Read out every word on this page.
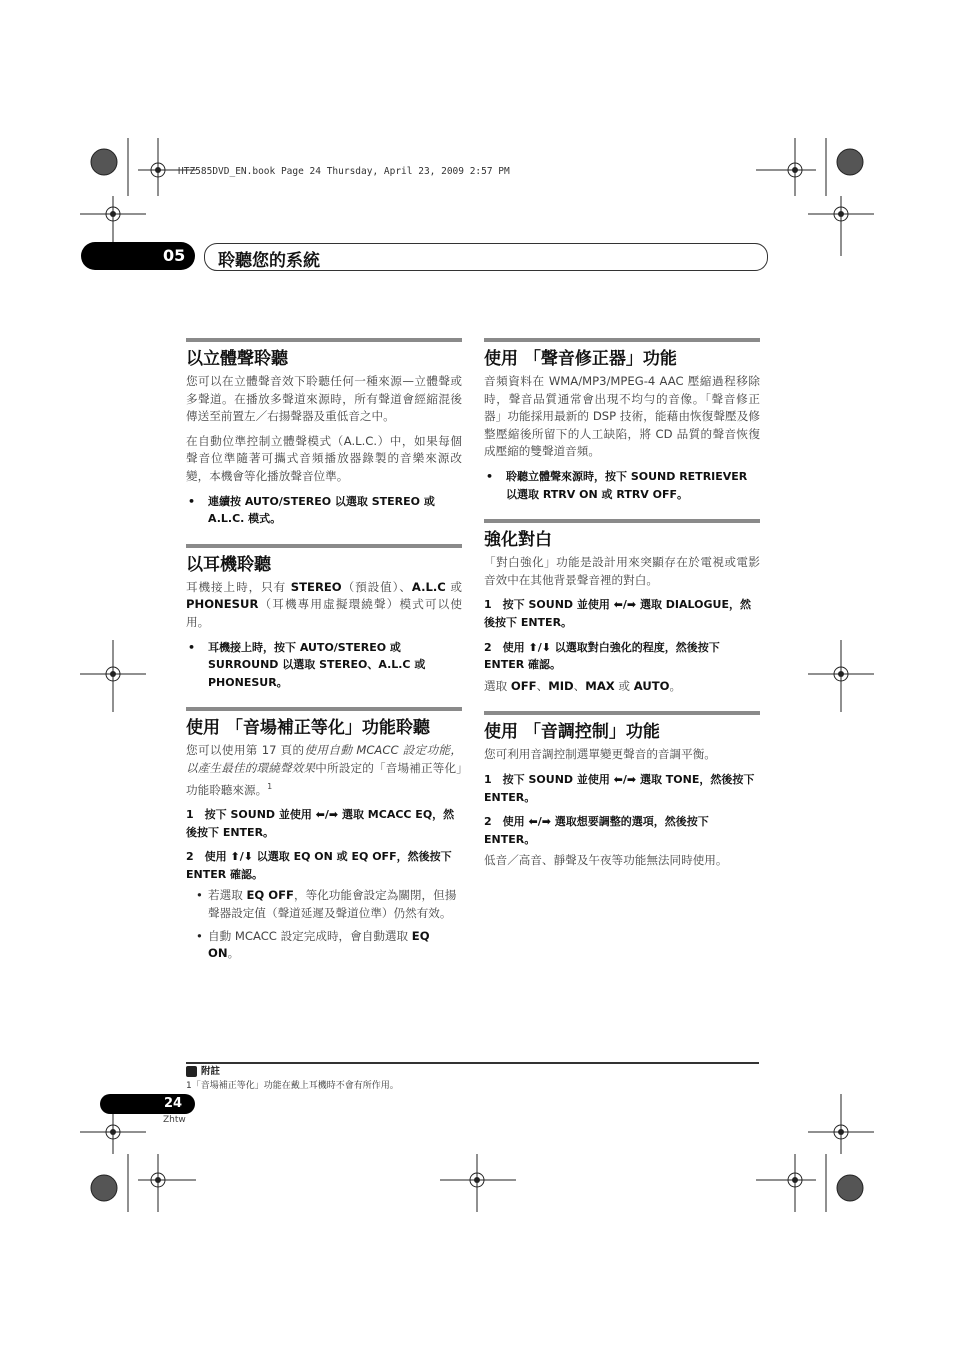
HTZ585DVD_EN.book Page 24 Thursday, April 23, 2009 2:57 PM
05	聆聽您的系統
以立體聲聆聽

您可以在立體聲音效下聆聽任何一種來源—立體聲或多聲道。在播放多聲道來源時，所有聲道會經縮混後傳送至前置左／右揚聲器及重低音之中。

在自動位準控制立體聲模式（A.L.C.）中，如果每個聲音位準隨著可攜式音頻播放器錄製的音樂來源改變，本機會等化播放聲音位準。

• 連續按 AUTO/STEREO 以選取 STEREO 或 A.L.C. 模式。
以耳機聆聽

耳機接上時，只有 STEREO（預設值）、A.L.C 或 PHONESUR（耳機專用虛擬環繞聲）模式可以使用。

• 耳機接上時，按下 AUTO/STEREO 或 SURROUND 以選取 STEREO、A.L.C 或 PHONESUR。
使用 「音場補正等化」功能聆聽

您可以使用第 17 頁的使用自動 MCACC 設定功能，以產生最佳的環繞聲效果中所設定的「音場補正等化」功能聆聽來源。$^1$

1　按下 SOUND 並使用 ⬅/➡ 選取 MCACC EQ，然後按下 ENTER。
2　使用 ⬆/⬇ 以選取 EQ ON 或 EQ OFF，然後按下 ENTER 確認。
• 若選取 EQ OFF，等化功能會設定為關閉，但揚聲器設定值（聲道延遲及聲道位準）仍然有效。
• 自動 MCACC 設定完成時，會自動選取 EQ ON。
使用 「聲音修正器」功能

音頻資料在 WMA/MP3/MPEG-4 AAC 壓縮過程移除時，聲音品質通常會出現不均勻的音像。「聲音修正器」功能採用最新的 DSP 技術，能藉由恢復聲壓及修整壓縮後所留下的人工缺陷，將 CD 品質的聲音恢復成壓縮的雙聲道音頻。

• 聆聽立體聲來源時，按下 SOUND RETRIEVER 以選取 RTRV ON 或 RTRV OFF。
強化對白

「對白強化」功能是設計用來突顯存在於電視或電影音效中在其他背景聲音裡的對白。

1　按下 SOUND 並使用 ⬅/➡ 選取 DIALOGUE，然後按下 ENTER。
2　使用 ⬆/⬇ 以選取對白強化的程度，然後按下 ENTER 確認。

選取 OFF、MID、MAX 或 AUTO。

使用 「音調控制」功能

您可利用音調控制選單變更聲音的音調平衡。

1　按下 SOUND 並使用 ⬅/➡ 選取 TONE，然後按下 ENTER。
2　使用 ⬅/➡ 選取想要調整的選項，然後按下 ENTER。

低音／高音、靜聲及午夜等功能無法同時使用。

附註
1「音場補正等化」功能在戴上耳機時不會有所作用。
24
Zhtw
